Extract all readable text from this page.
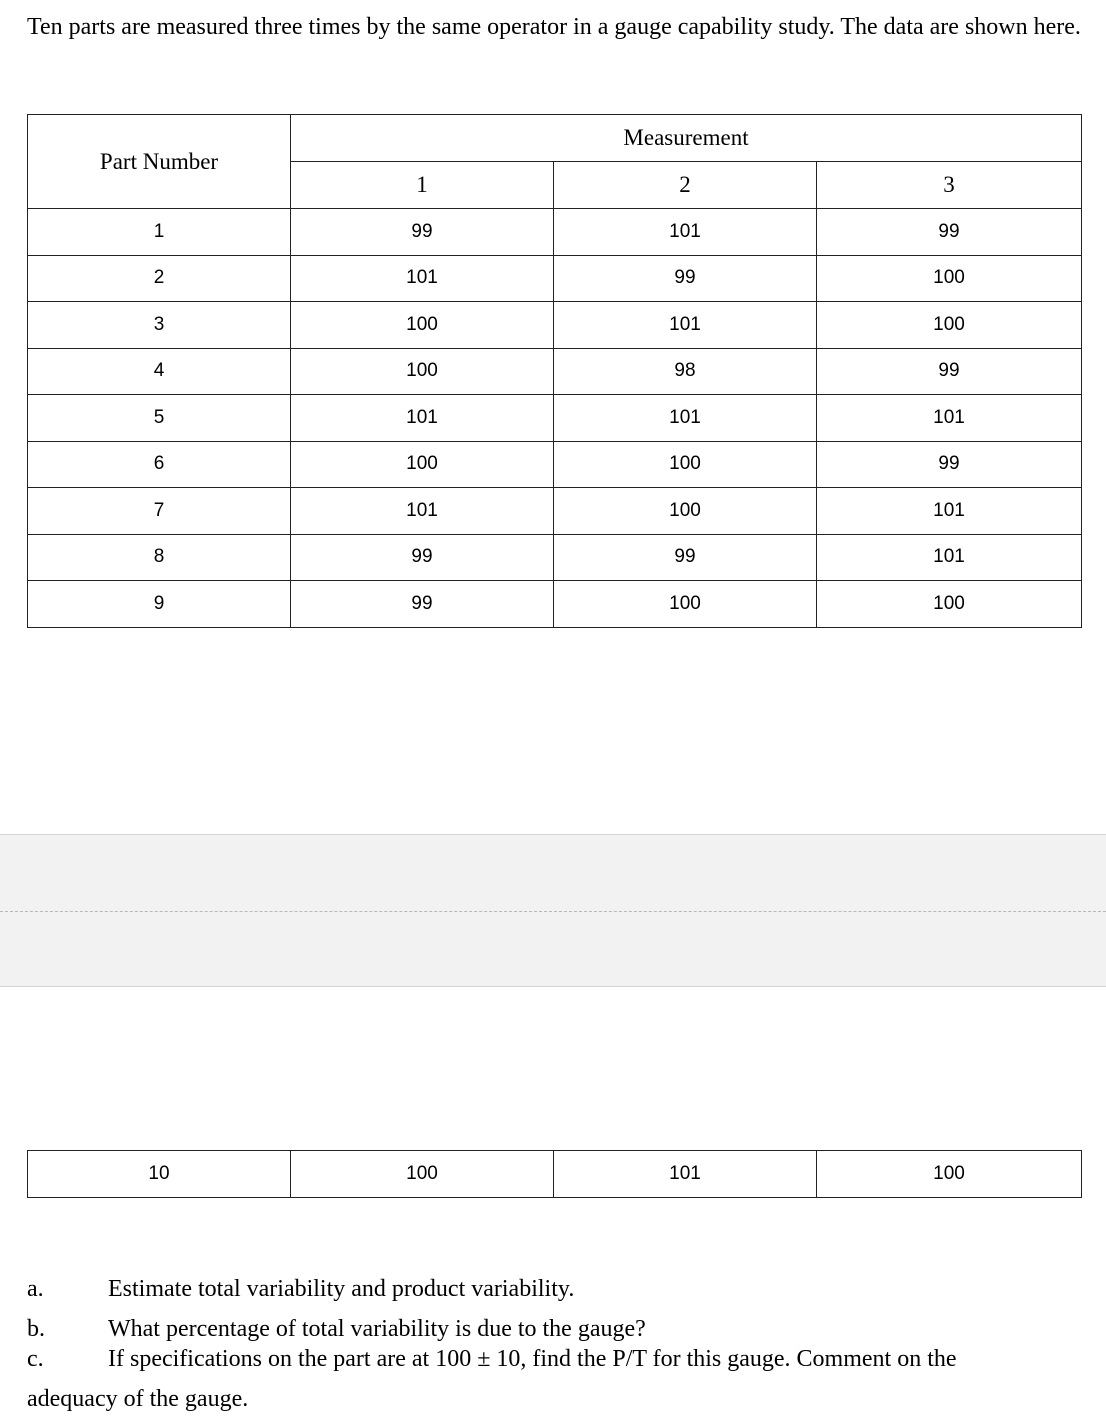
Ten parts are measured three times by the same operator in a gauge capability study. The data are shown here.

Part Number	Measurement		
	1	2	3
1	99	101	99
2	101	99	100
3	100	101	100
4	100	98	99
5	101	101	101
6	100	100	99
7	101	100	101
8	99	99	101
9	99	100	100
10	100	101	100
a.	Estimate total variability and product variability.
b.	What percentage of total variability is due to the gauge?
c.	If specifications on the part are at 100 ± 10, find the P/T for this gauge. Comment on the
adequacy of the gauge.
